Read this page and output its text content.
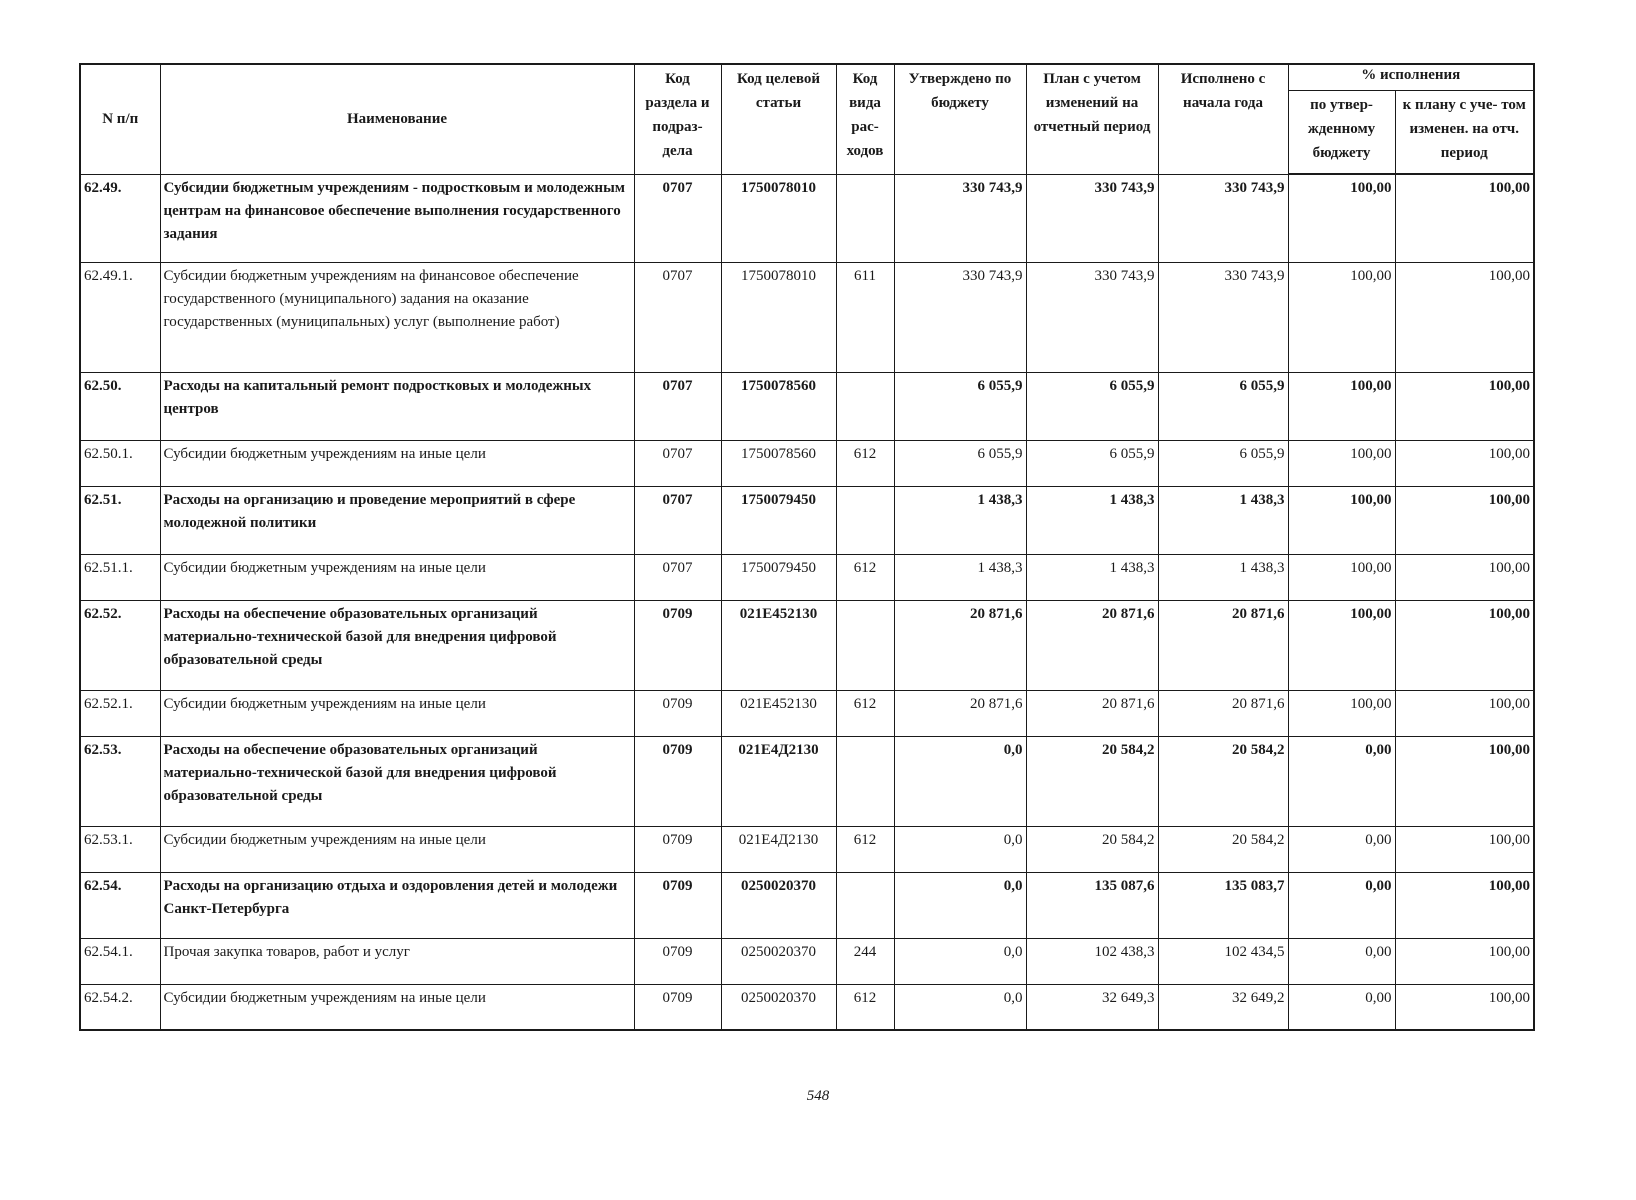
N п/п	Наименование	Код раздела и подраз- дела	Код целевой статьи	Код вида рас- ходов	Утверждено по бюджету	План с учетом изменений на отчетный период	Исполнено с начала года	% исполнения	
								по утвер- жденному бюджету	к плану с уче- том изменен. на отч. период
62.49.	Субсидии бюджетным учреждениям - подростковым и молодежным центрам на финансовое обеспечение выполнения государственного задания	0707	1750078010		330 743,9	330 743,9	330 743,9	100,00	100,00
62.49.1.	Субсидии бюджетным учреждениям на финансовое обеспечение государственного (муниципального) задания на оказание государственных (муниципальных) услуг (выполнение работ)	0707	1750078010	611	330 743,9	330 743,9	330 743,9	100,00	100,00
62.50.	Расходы на капитальный ремонт подростковых и молодежных центров	0707	1750078560		6 055,9	6 055,9	6 055,9	100,00	100,00
62.50.1.	Субсидии бюджетным учреждениям на иные цели	0707	1750078560	612	6 055,9	6 055,9	6 055,9	100,00	100,00
62.51.	Расходы на организацию и проведение мероприятий в сфере молодежной политики	0707	1750079450		1 438,3	1 438,3	1 438,3	100,00	100,00
62.51.1.	Субсидии бюджетным учреждениям на иные цели	0707	1750079450	612	1 438,3	1 438,3	1 438,3	100,00	100,00
62.52.	Расходы на обеспечение образовательных организаций материально-технической базой для внедрения цифровой образовательной среды	0709	021E452130		20 871,6	20 871,6	20 871,6	100,00	100,00
62.52.1.	Субсидии бюджетным учреждениям на иные цели	0709	021E452130	612	20 871,6	20 871,6	20 871,6	100,00	100,00
62.53.	Расходы на обеспечение образовательных организаций материально-технической базой для внедрения цифровой образовательной среды	0709	021E4Д2130		0,0	20 584,2	20 584,2	0,00	100,00
62.53.1.	Субсидии бюджетным учреждениям на иные цели	0709	021E4Д2130	612	0,0	20 584,2	20 584,2	0,00	100,00
62.54.	Расходы на организацию отдыха и оздоровления детей и молодежи Санкт-Петербурга	0709	0250020370		0,0	135 087,6	135 083,7	0,00	100,00
62.54.1.	Прочая закупка товаров, работ и услуг	0709	0250020370	244	0,0	102 438,3	102 434,5	0,00	100,00
62.54.2.	Субсидии бюджетным учреждениям на иные цели	0709	0250020370	612	0,0	32 649,3	32 649,2	0,00	100,00
548
